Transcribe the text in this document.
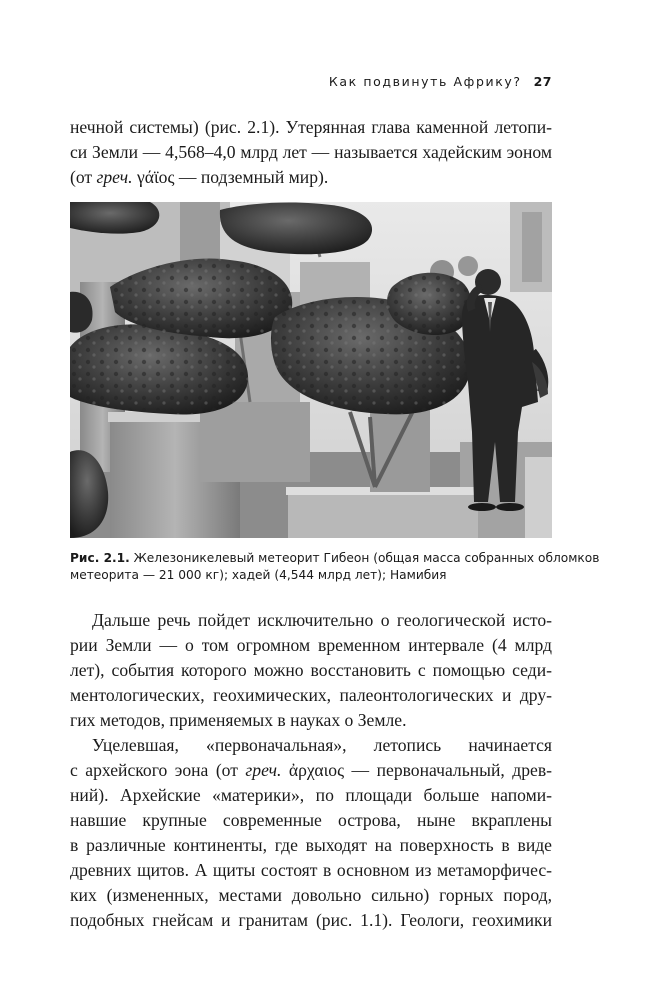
Как подвинуть Африку? 27

нечной системы) (рис. 2.1). Утерянная глава каменной летопи-
си Земли — 4,568–4,0 млрд лет — называется хадейским эоном
(от греч. γάϊος — подземный мир).

Рис. 2.1. Железоникелевый метеорит Гибеон (общая масса собранных обломков
метеорита — 21 000 кг); хадей (4,544 млрд лет); Намибия

Дальше речь пойдет исключительно о геологической исто-
рии Земли — о том огромном временном интервале (4 млрд
лет), события которого можно восстановить с помощью седи-
ментологических, геохимических, палеонтологических и дру-
гих методов, применяемых в науках о Земле.

Уцелевшая, «первоначальная», летопись начинается
с архейского эона (от греч. ἀρχαιος — первоначальный, древ-
ний). Архейские «материки», по площади больше напоми-
навшие крупные современные острова, ныне вкраплены
в различные континенты, где выходят на поверхность в виде
древних щитов. А щиты состоят в основном из метаморфичес-
ких (измененных, местами довольно сильно) горных пород,
подобных гнейсам и гранитам (рис. 1.1). Геологи, геохимики
